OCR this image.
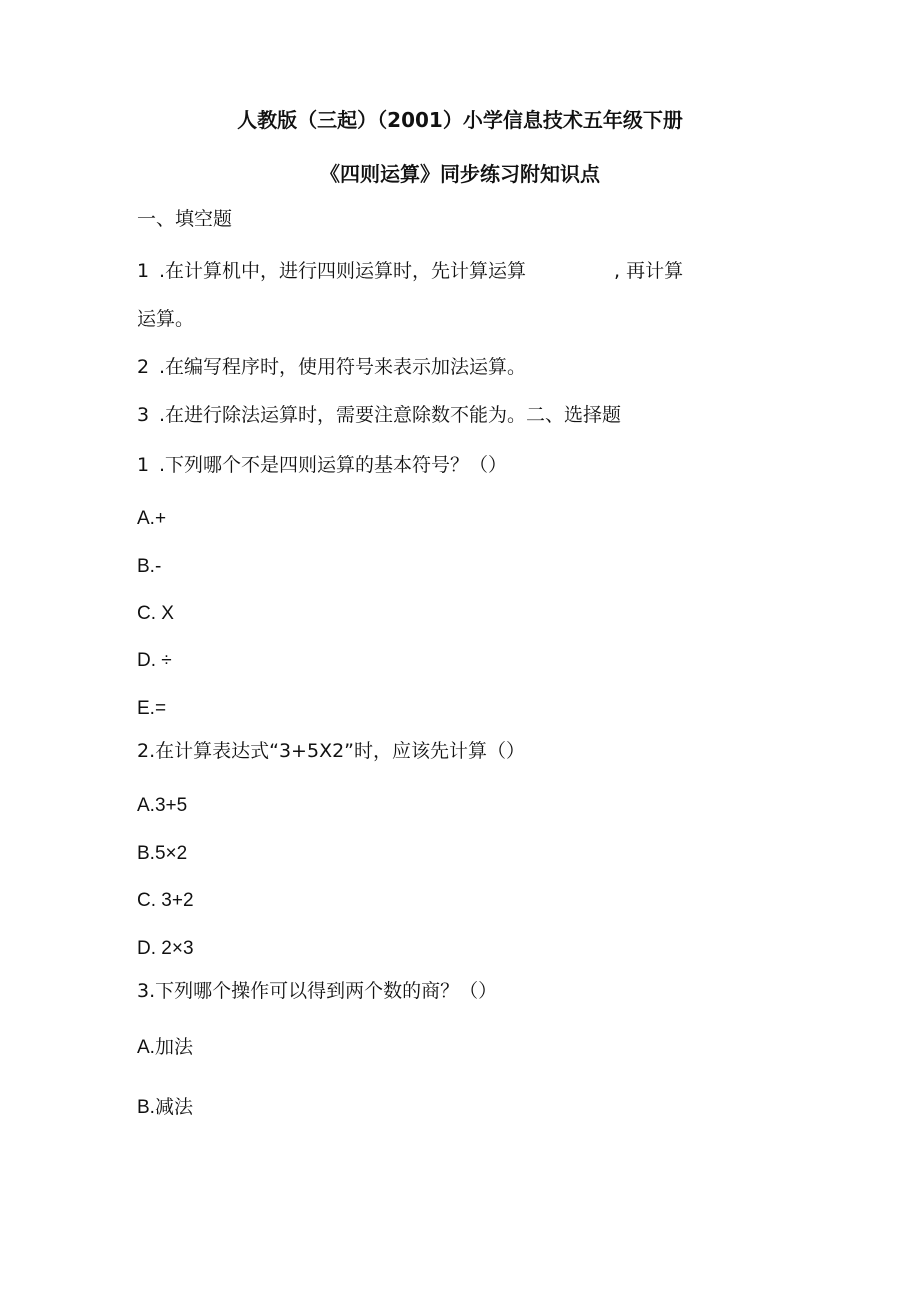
人教版（三起）（2001）小学信息技术五年级下册
《四则运算》同步练习附知识点
一、填空题
1 .在计算机中，进行四则运算时，先计算运算	, 再计算
运算。
2 .在编写程序时，使用符号来表示加法运算。
3 .在进行除法运算时，需要注意除数不能为。二、选择题
1 .下列哪个不是四则运算的基本符号？（）
A.+
B.-
C. X
D. ÷
E.=
2.在计算表达式“3+5X2”时，应该先计算（）
A.3+5
B.5×2
C. 3+2
D. 2×3
3.下列哪个操作可以得到两个数的商？（）
A.加法
B.减法
